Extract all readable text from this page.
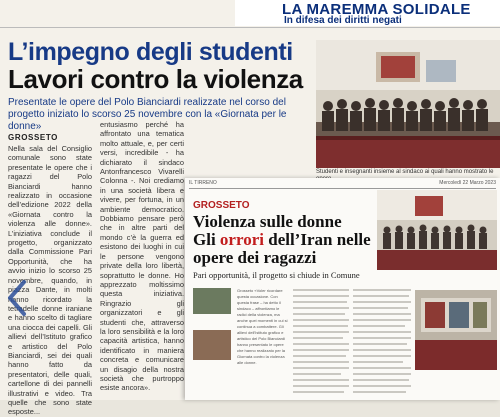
LA MAREMMA SOLIDALE
In difesa dei diritti negati
L’impegno degli studenti
Lavori contro la violenza
Presentate le opere del Polo Bianciardi realizzate nel corso del progetto iniziato lo scorso 25 novembre con la «Giornata per le donne»
Studenti e insegnanti insieme al sindaco ai quali hanno mostrato le
GROSSETO
Nella sala del Consiglio comunale sono state presentate le opere che i ragazzi del Polo Bianciardi hanno realizzato in occasione dell’edizione 2022 della «Giornata contro la violenza alle donne». L’iniziativa conclude il progetto, organizzato dalla Commissione Pari Opportunità, che ha avvio inizio lo scorso 25 novembre, quando, in piazza Dante, in molti hanno ricordato la tetradelle donne iraniane e hanno scelto di tagliare una ciocca dei capelli. Gli allievi dell’Istituto grafico e artistico del Polo Bianciardi, sei dei quali hanno fatto da presentatori, delle quali, cartellone di dei pannelli illustrativi e video. Tra quelle che sono state esposte...
entusiasmo perché ha affrontato una tematica molto attuale, e, per certi versi, incredibile - ha dichiarato il sindaco Antonfrancesco Vivarelli Colonna -. Noi crediamo in una società libera e vivere, per fortuna, in un ambiente democratico. Dobbiamo pensare però che in altre parti del mondo c’è la guerra ed esistono dei luoghi in cui le persone vengono private della loro libertà, soprattutto le donne. Ho apprezzato moltissimo questa iniziativa. Ringrazio gli organizzatori e gli studenti che, attraverso la loro sensibilità e la loro capacità artistica, hanno identificato in maniera concreta e comunicare un disagio della nostra società che purtroppo esiste ancora».
IL TIRRENO	Mercoledì 22 Marzo 2023
GROSSETO
Violenza sulle donne
Gli orrori dell’Iran nelle opere dei ragazzi
Pari opportunità, il progetto si chiude in Comune
Grosseto «Voler ricordare questa occasione. Con questa frase – ha detto il sindaco – affrontiamo le radici della violenza, ma anche quei momenti in cui si continua a combattere. Gli allievi dell’Istituto grafico e artistico del Polo Bianciardi hanno presentato le opere che hanno realizzato per la Giornata contro la violenza alle donne.
